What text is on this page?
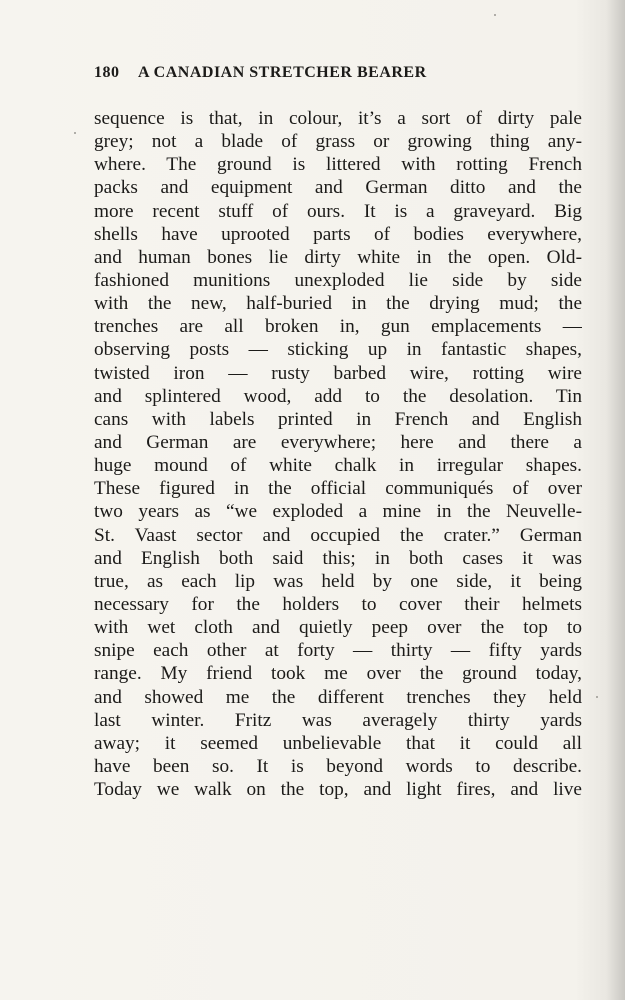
180 A CANADIAN STRETCHER BEARER
sequence is that, in colour, it’s a sort of dirty pale
grey; not a blade of grass or growing thing any-
where. The ground is littered with rotting French
packs and equipment and German ditto and the
more recent stuff of ours. It is a graveyard. Big
shells have uprooted parts of bodies everywhere,
and human bones lie dirty white in the open. Old-
fashioned munitions unexploded lie side by side
with the new, half-buried in the drying mud; the
trenches are all broken in, gun emplacements —
observing posts — sticking up in fantastic shapes,
twisted iron — rusty barbed wire, rotting wire
and splintered wood, add to the desolation. Tin
cans with labels printed in French and English
and German are everywhere; here and there a
huge mound of white chalk in irregular shapes.
These figured in the official communiqués of over
two years as “we exploded a mine in the Neuvelle-
St. Vaast sector and occupied the crater.” German
and English both said this; in both cases it was
true, as each lip was held by one side, it being
necessary for the holders to cover their helmets
with wet cloth and quietly peep over the top to
snipe each other at forty — thirty — fifty yards
range. My friend took me over the ground today,
and showed me the different trenches they held
last winter. Fritz was averagely thirty yards
away; it seemed unbelievable that it could all
have been so. It is beyond words to describe.
Today we walk on the top, and light fires, and live
